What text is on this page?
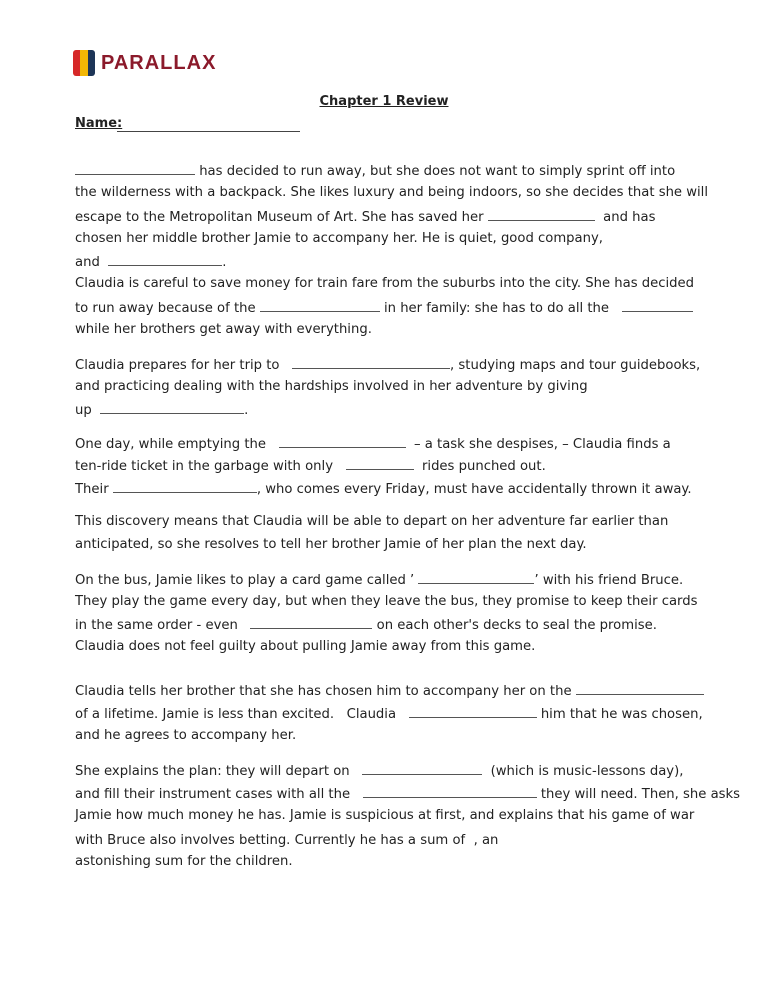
PARALLAX
Chapter 1 Review
Name:
has decided to run away, but she does not want to simply sprint off into
the wilderness with a backpack. She likes luxury and being indoors, so she decides that she will
escape to the Metropolitan Museum of Art. She has saved her	and has
chosen her middle brother Jamie to accompany her. He is quiet, good company,
and	.
Claudia is careful to save money for train fare from the suburbs into the city. She has decided
to run away because of the	in her family: she has to do all the
while her brothers get away with everything.
Claudia prepares for her trip to	, studying maps and tour guidebooks,
and practicing dealing with the hardships involved in her adventure by giving
up	.
One day, while emptying the	– a task she despises, – Claudia finds a
ten-ride ticket in the garbage with only	rides punched out.
Their	, who comes every Friday, must have accidentally thrown it away.
This discovery means that Claudia will be able to depart on her adventure far earlier than
anticipated, so she resolves to tell her brother Jamie of her plan the next day.
On the bus, Jamie likes to play a card game called ’	’ with his friend Bruce.
They play the game every day, but when they leave the bus, they promise to keep their cards
in the same order - even	on each other's decks to seal the promise.
Claudia does not feel guilty about pulling Jamie away from this game.
Claudia tells her brother that she has chosen him to accompany her on the
of a lifetime. Jamie is less than excited.   Claudia	him that he was chosen,
and he agrees to accompany her.
She explains the plan: they will depart on	(which is music-lessons day),
and fill their instrument cases with all the	they will need. Then, she asks
Jamie how much money he has. Jamie is suspicious at first, and explains that his game of war
with Bruce also involves betting. Currently he has a sum of  , an
astonishing sum for the children.
